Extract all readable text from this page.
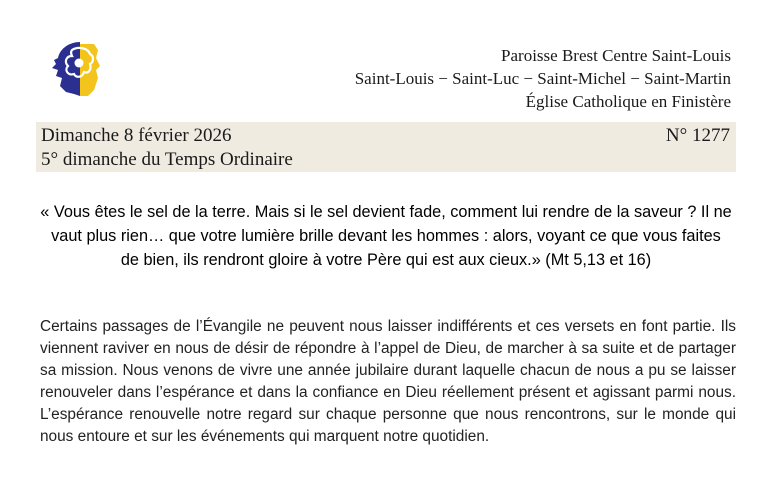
Paroisse Brest Centre Saint-Louis
Saint-Louis − Saint-Luc − Saint-Michel − Saint-Martin
Église Catholique en Finistère
Dimanche 8 février 2026
5° dimanche du Temps Ordinaire
N° 1277
« Vous êtes le sel de la terre. Mais si le sel devient fade, comment lui rendre de la saveur ? Il ne vaut plus rien… que votre lumière brille devant les hommes : alors, voyant ce que vous faites de bien, ils rendront gloire à votre Père qui est aux cieux.» (Mt 5,13 et 16)
Certains passages de l’Évangile ne peuvent nous laisser indifférents et ces versets en font partie. Ils viennent raviver en nous de désir de répondre à l’appel de Dieu, de marcher à sa suite et de partager sa mission. Nous venons de vivre une année jubilaire durant laquelle chacun de nous a pu se laisser renouveler dans l’espérance et dans la confiance en Dieu réellement présent et agissant parmi nous. L’espérance renouvelle notre regard sur chaque personne que nous rencontrons, sur le monde qui nous entoure et sur les événements qui marquent notre quotidien.
